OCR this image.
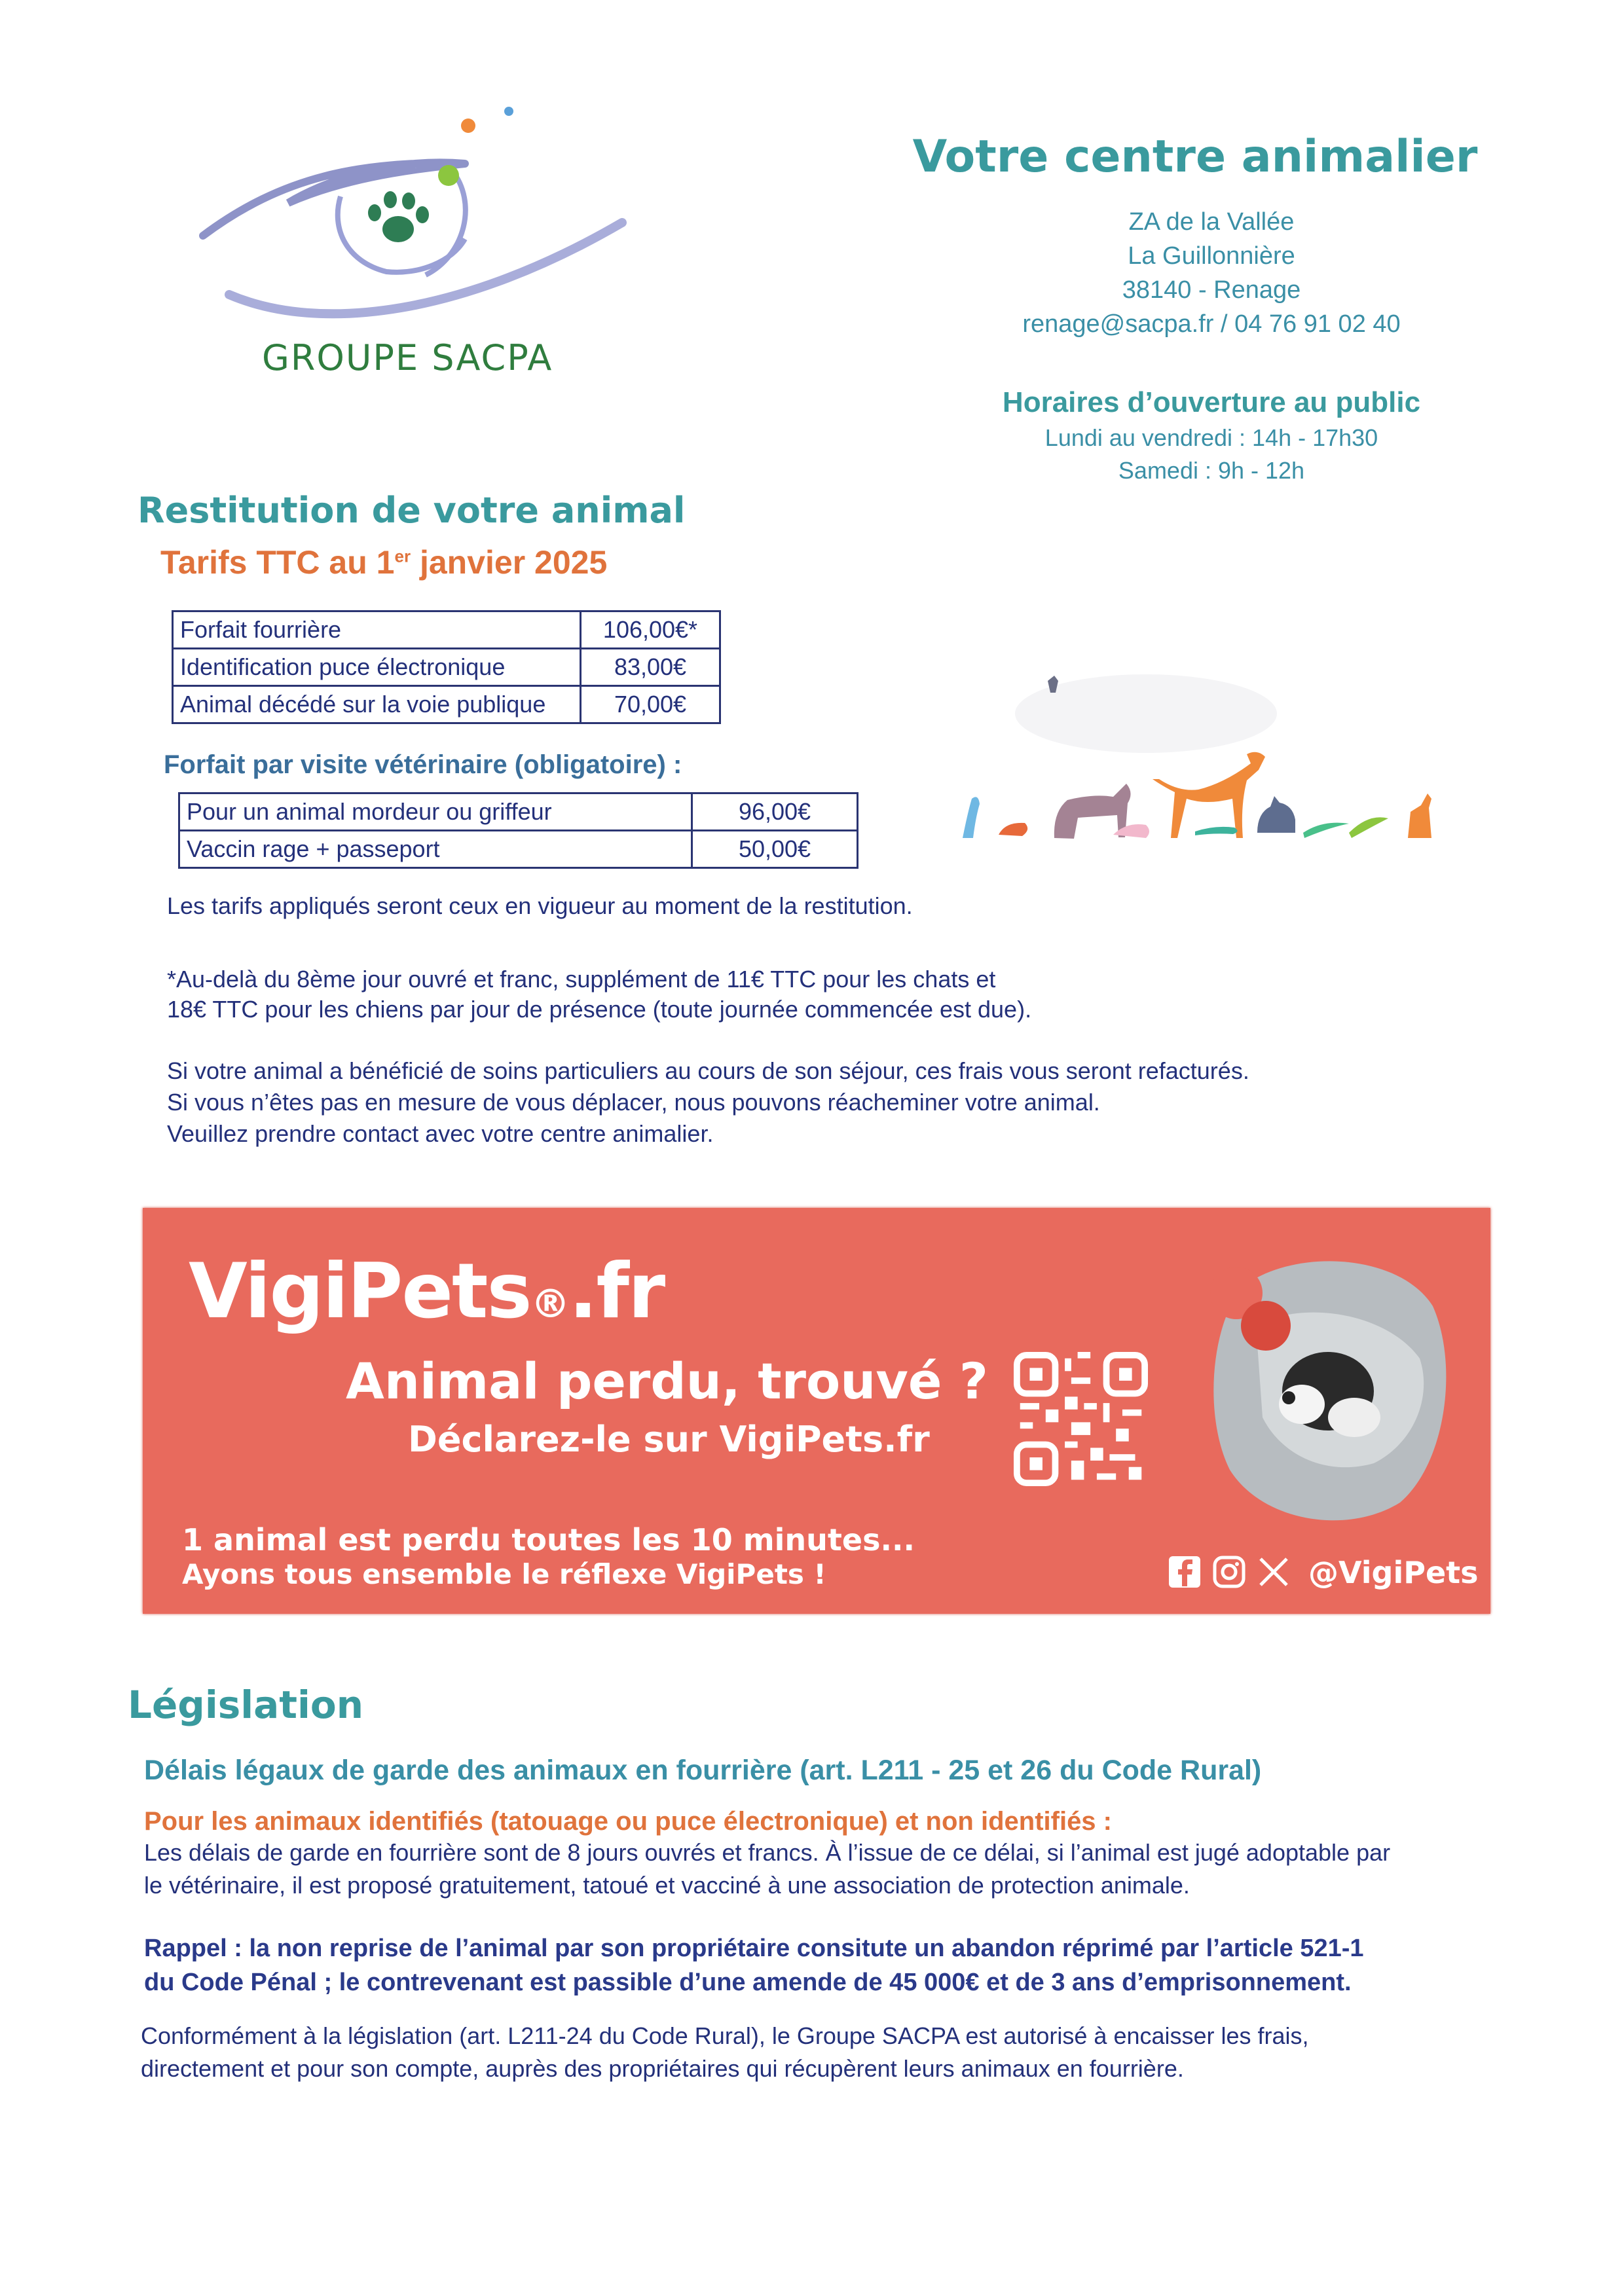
GROUPE SACPA
Votre centre animalier
ZA de la Vallée
La Guillonnière
38140 - Renage
renage@sacpa.fr / 04 76 91 02 40
Horaires d’ouverture au public
Lundi au vendredi : 14h - 17h30
Samedi : 9h - 12h
Restitution de votre animal
Tarifs TTC au 1er janvier 2025
Forfait fourrière	106,00€*
Identification puce électronique	83,00€
Animal décédé sur la voie publique	70,00€
Forfait par visite vétérinaire (obligatoire) :
Pour un animal mordeur ou griffeur	96,00€
Vaccin rage + passeport	50,00€
Les tarifs appliqués seront ceux en vigueur au moment de la restitution.
*Au-delà du 8ème jour ouvré et franc, supplément de 11€ TTC pour les chats et
18€ TTC pour les chiens par jour de présence (toute journée commencée est due).
Si votre animal a bénéficié de soins particuliers au cours de son séjour, ces frais vous seront refacturés.
Si vous n’êtes pas en mesure de vous déplacer, nous pouvons réacheminer votre animal.
Veuillez prendre contact avec votre centre animalier.
VigiPets®.fr
Animal perdu, trouvé ?
Déclarez-le sur VigiPets.fr
1 animal est perdu toutes les 10 minutes...
Ayons tous ensemble le réflexe VigiPets !	@VigiPets
Législation
Délais légaux de garde des animaux en fourrière (art. L211 - 25 et 26 du Code Rural)
Pour les animaux identifiés (tatouage ou puce électronique) et non identifiés :
Les délais de garde en fourrière sont de 8 jours ouvrés et francs. À l’issue de ce délai, si l’animal est jugé adoptable par
le vétérinaire, il est proposé gratuitement, tatoué et vacciné à une association de protection animale.
Rappel : la non reprise de l’animal par son propriétaire consitute un abandon réprimé par l’article 521-1
du Code Pénal ; le contrevenant est passible d’une amende de 45 000€ et de 3 ans d’emprisonnement.
Conformément à la législation (art. L211-24 du Code Rural), le Groupe SACPA est autorisé à encaisser les frais,
directement et pour son compte, auprès des propriétaires qui récupèrent leurs animaux en fourrière.
